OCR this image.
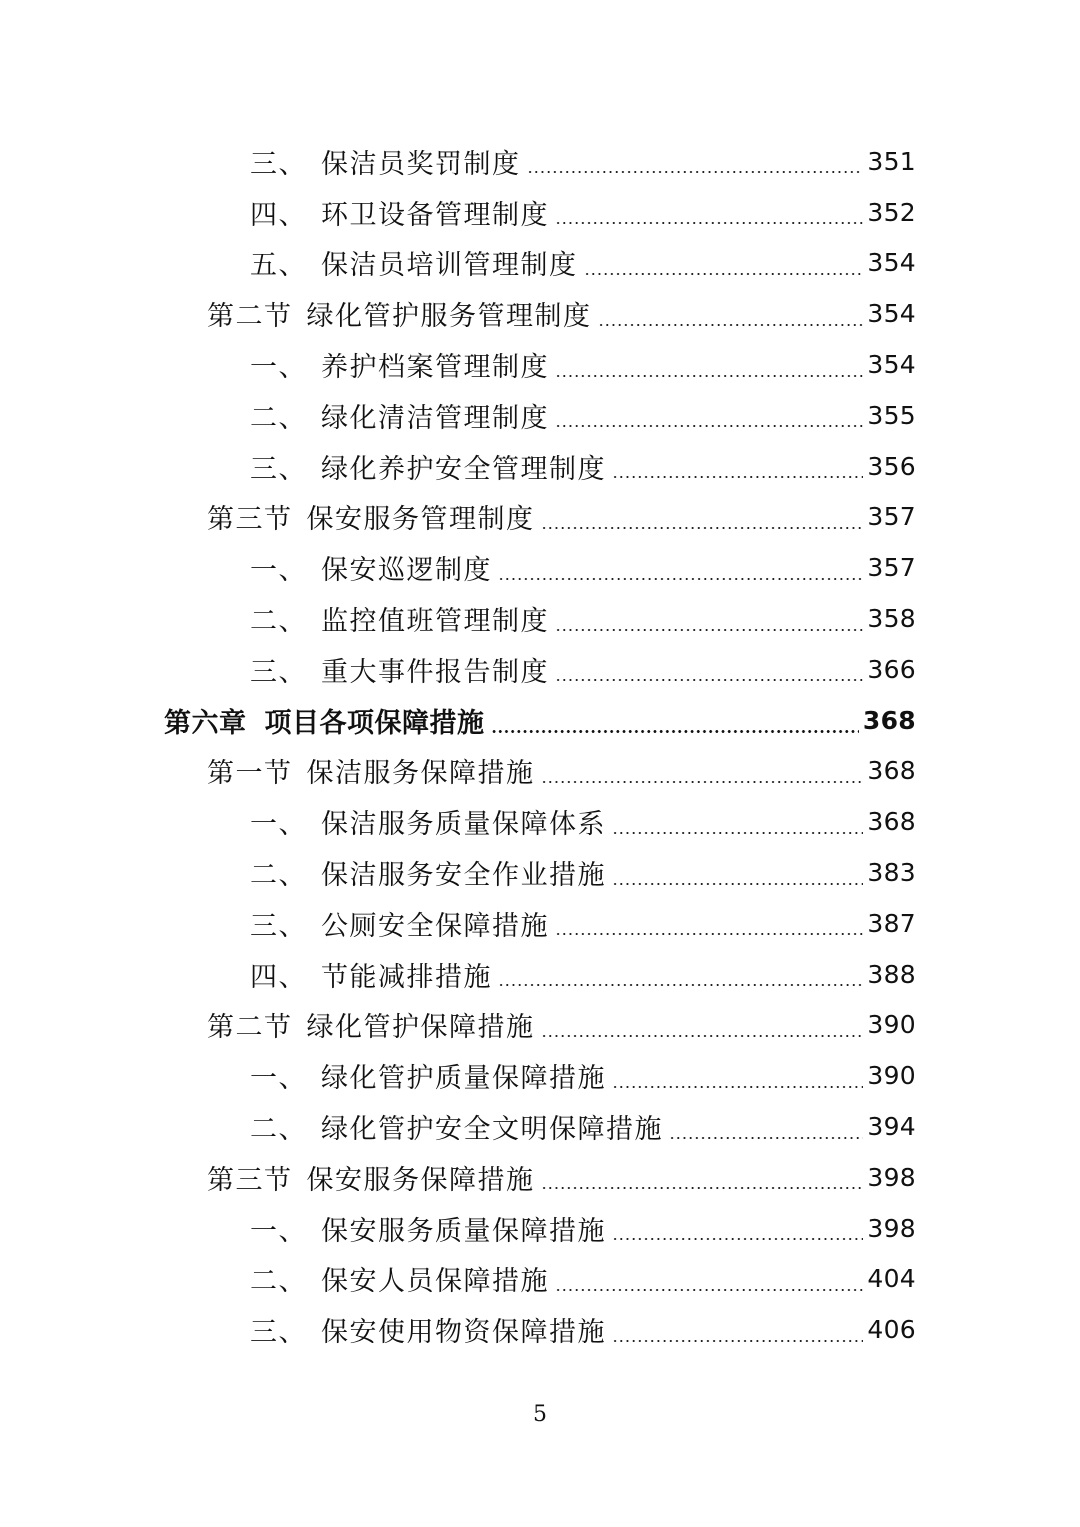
三、 保洁员奖罚制度	351
四、 环卫设备管理制度	352
五、 保洁员培训管理制度	354
第二节 绿化管护服务管理制度	354
一、 养护档案管理制度	354
二、 绿化清洁管理制度	355
三、 绿化养护安全管理制度	356
第三节 保安服务管理制度	357
一、 保安巡逻制度	357
二、 监控值班管理制度	358
三、 重大事件报告制度	366
第六章 项目各项保障措施	368
第一节 保洁服务保障措施	368
一、 保洁服务质量保障体系	368
二、 保洁服务安全作业措施	383
三、 公厕安全保障措施	387
四、 节能减排措施	388
第二节 绿化管护保障措施	390
一、 绿化管护质量保障措施	390
二、 绿化管护安全文明保障措施	394
第三节 保安服务保障措施	398
一、 保安服务质量保障措施	398
二、 保安人员保障措施	404
三、 保安使用物资保障措施	406
5
